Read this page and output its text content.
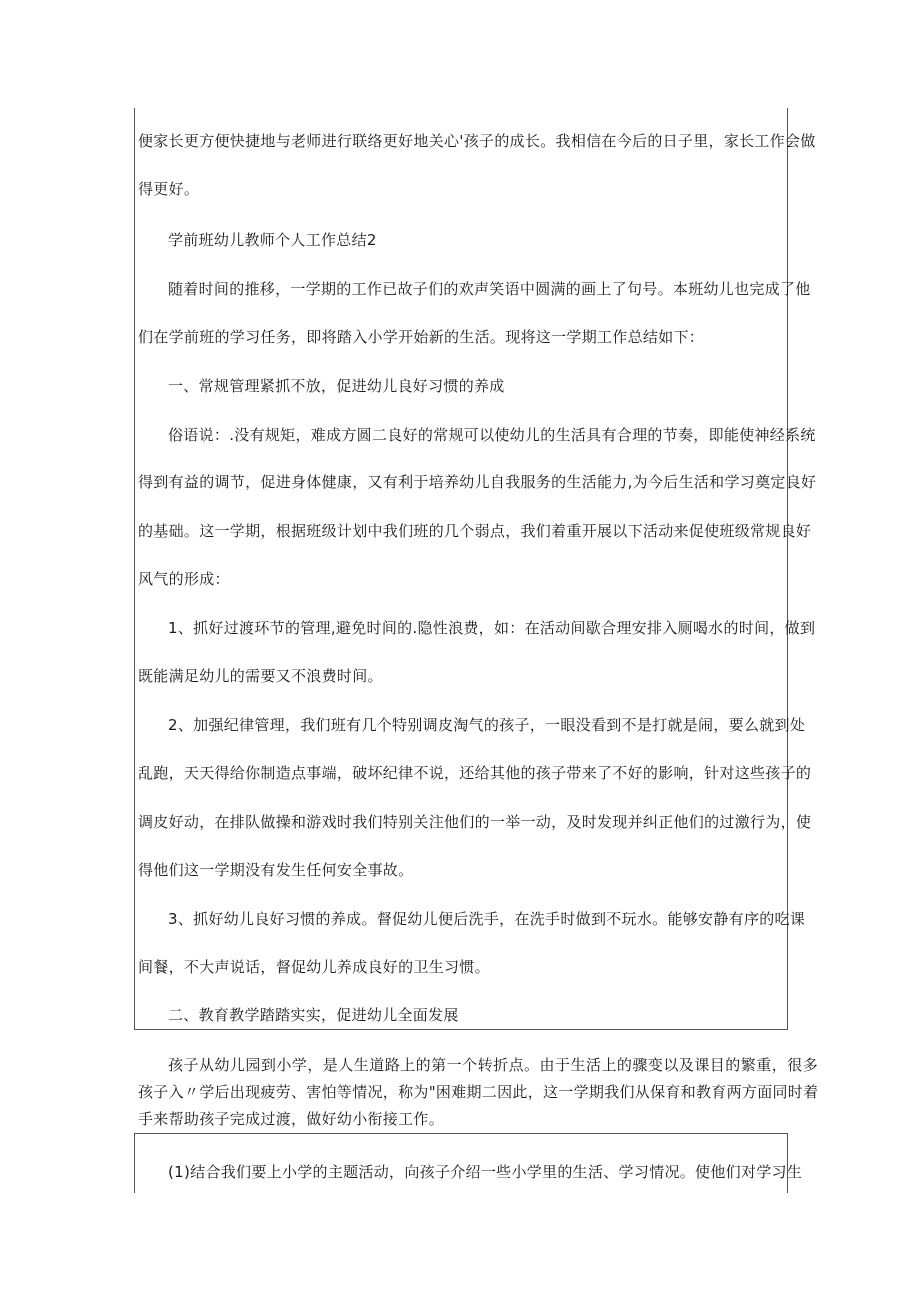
便家长更方便快捷地与老师进行联络更好地关心'孩子的成长。我相信在今后的日子里，家长工作会做
得更好。
学前班幼儿教师个人工作总结2
随着时间的推移，一学期的工作已故子们的欢声笑语中圆满的画上了句号。本班幼儿也完成了他
们在学前班的学习任务，即将踏入小学开始新的生活。现将这一学期工作总结如下：
一、常规管理紧抓不放，促进幼儿良好习惯的养成
俗语说：.没有规矩，难成方圆二良好的常规可以使幼儿的生活具有合理的节奏，即能使神经系统
得到有益的调节，促进身体健康，又有利于培养幼儿自我服务的生活能力,为今后生活和学习奠定良好
的基础。这一学期，根据班级计划中我们班的几个弱点，我们着重开展以下活动来促使班级常规良好
风气的形成：
1、抓好过渡环节的管理,避免时间的.隐性浪费，如：在活动间歇合理安排入厕喝水的时间，做到
既能满足幼儿的需要又不浪费时间。
2、加强纪律管理，我们班有几个特别调皮淘气的孩子，一眼没看到不是打就是闹，要么就到处
乱跑，天天得给你制造点事端，破坏纪律不说，还给其他的孩子带来了不好的影响，针对这些孩子的
调皮好动，在排队做操和游戏时我们特别关注他们的一举一动，及时发现并纠正他们的过激行为，使
得他们这一学期没有发生任何安全事故。
3、抓好幼儿良好习惯的养成。督促幼儿便后洗手，在洗手时做到不玩水。能够安静有序的吃课
间餐，不大声说话，督促幼儿养成良好的卫生习惯。
二、教育教学踏踏实实，促进幼儿全面发展
孩子从幼儿园到小学，是人生道路上的第一个转折点。由于生活上的骤变以及课目的繁重，很多
孩子入〃学后出现疲劳、害怕等情况，称为"困难期二因此，这一学期我们从保育和教育两方面同时着
手来帮助孩子完成过渡，做好幼小衔接工作。
(1)结合我们要上小学的主题活动，向孩子介绍一些小学里的生活、学习情况。使他们对学习生
